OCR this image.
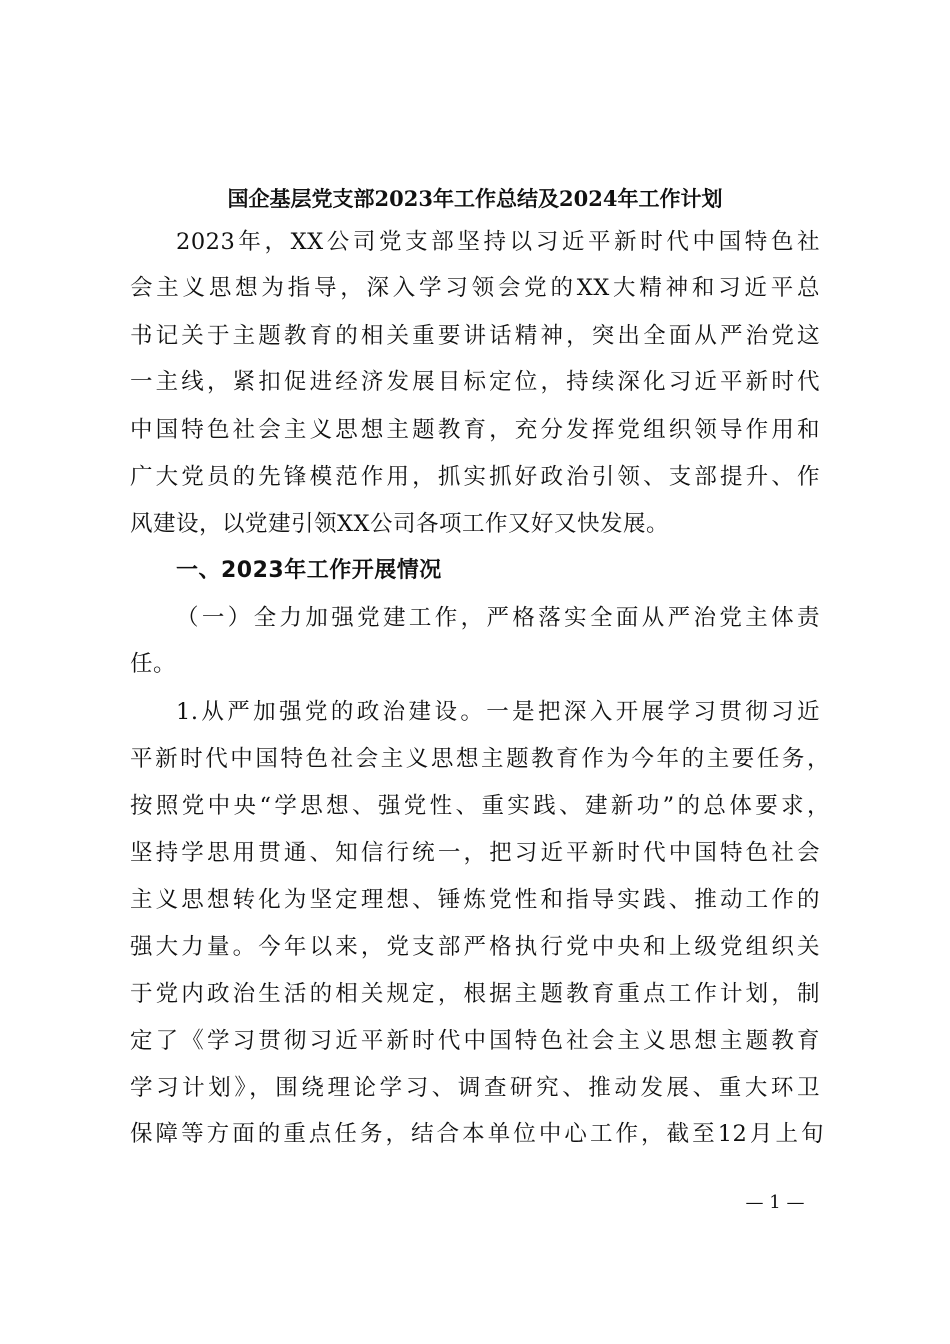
国企基层党支部2023年工作总结及2024年工作计划
2023年，XX公司党支部坚持以习近平新时代中国特色社
会主义思想为指导，深入学习领会党的XX大精神和习近平总
书记关于主题教育的相关重要讲话精神，突出全面从严治党这
一主线，紧扣促进经济发展目标定位，持续深化习近平新时代
中国特色社会主义思想主题教育，充分发挥党组织领导作用和
广大党员的先锋模范作用，抓实抓好政治引领、支部提升、作
风建设，以党建引领XX公司各项工作又好又快发展。
一、2023年工作开展情况
（一）全力加强党建工作，严格落实全面从严治党主体责
任。
1.从严加强党的政治建设。一是把深入开展学习贯彻习近
平新时代中国特色社会主义思想主题教育作为今年的主要任务，
按照党中央“学思想、强党性、重实践、建新功”的总体要求，
坚持学思用贯通、知信行统一，把习近平新时代中国特色社会
主义思想转化为坚定理想、锤炼党性和指导实践、推动工作的
强大力量。今年以来，党支部严格执行党中央和上级党组织关
于党内政治生活的相关规定，根据主题教育重点工作计划，制
定了《学习贯彻习近平新时代中国特色社会主义思想主题教育
学习计划》，围绕理论学习、调查研究、推动发展、重大环卫
保障等方面的重点任务，结合本单位中心工作，截至12月上旬
— 1 —
